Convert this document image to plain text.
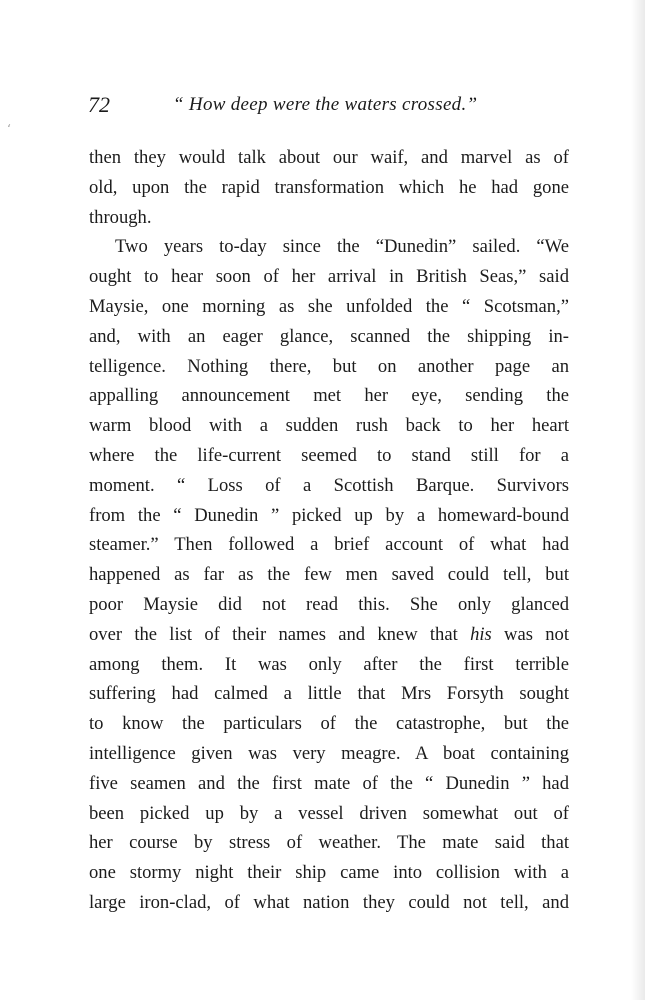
‘
72	“ How deep were the waters crossed.”
then they would talk about our waif, and marvel as of
old, upon the rapid transformation which he had gone
through.
Two years to-day since the “Dunedin” sailed. “We
ought to hear soon of her arrival in British Seas,” said
Maysie, one morning as she unfolded the “ Scotsman,”
and, with an eager glance, scanned the shipping in-
telligence. Nothing there, but on another page an
appalling announcement met her eye, sending the
warm blood with a sudden rush back to her heart
where the life-current seemed to stand still for a
moment. “ Loss of a Scottish Barque. Survivors
from the “ Dunedin ” picked up by a homeward-bound
steamer.” Then followed a brief account of what had
happened as far as the few men saved could tell, but
poor Maysie did not read this. She only glanced
over the list of their names and knew that his was not
among them. It was only after the first terrible
suffering had calmed a little that Mrs Forsyth sought
to know the particulars of the catastrophe, but the
intelligence given was very meagre. A boat containing
five seamen and the first mate of the “ Dunedin ” had
been picked up by a vessel driven somewhat out of
her course by stress of weather. The mate said that
one stormy night their ship came into collision with a
large iron-clad, of what nation they could not tell, and
